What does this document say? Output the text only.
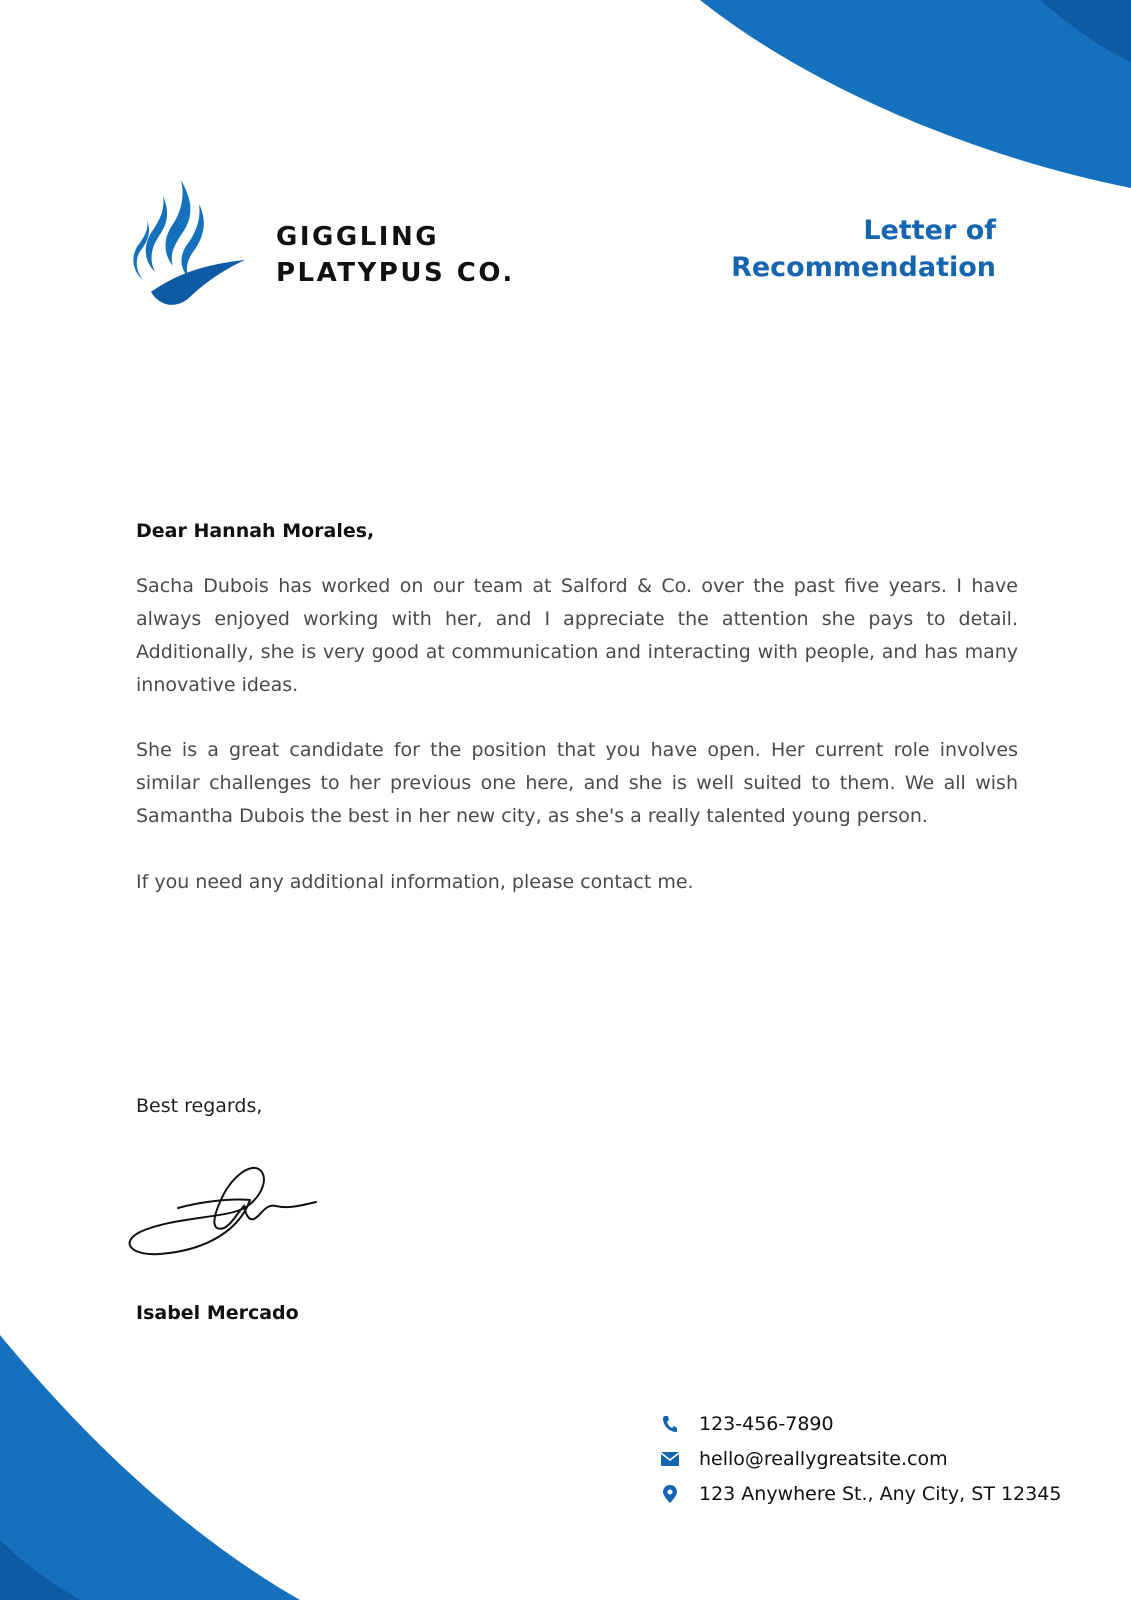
GIGGLING
PLATYPUS CO.
Letter of
Recommendation
Dear Hannah Morales,

Sacha Dubois has worked on our team at Salford & Co. over the past five years. I have always enjoyed working with her, and I appreciate the attention she pays to detail. Additionally, she is very good at communication and interacting with people, and has many innovative ideas.

She is a great candidate for the position that you have open. Her current role involves similar challenges to her previous one here, and she is well suited to them. We all wish Samantha Dubois the best in her new city, as she's a really talented young person.

If you need any additional information, please contact me.

Best regards,
Isabel Mercado
123-456-7890
hello@reallygreatsite.com
123 Anywhere St., Any City, ST 12345
